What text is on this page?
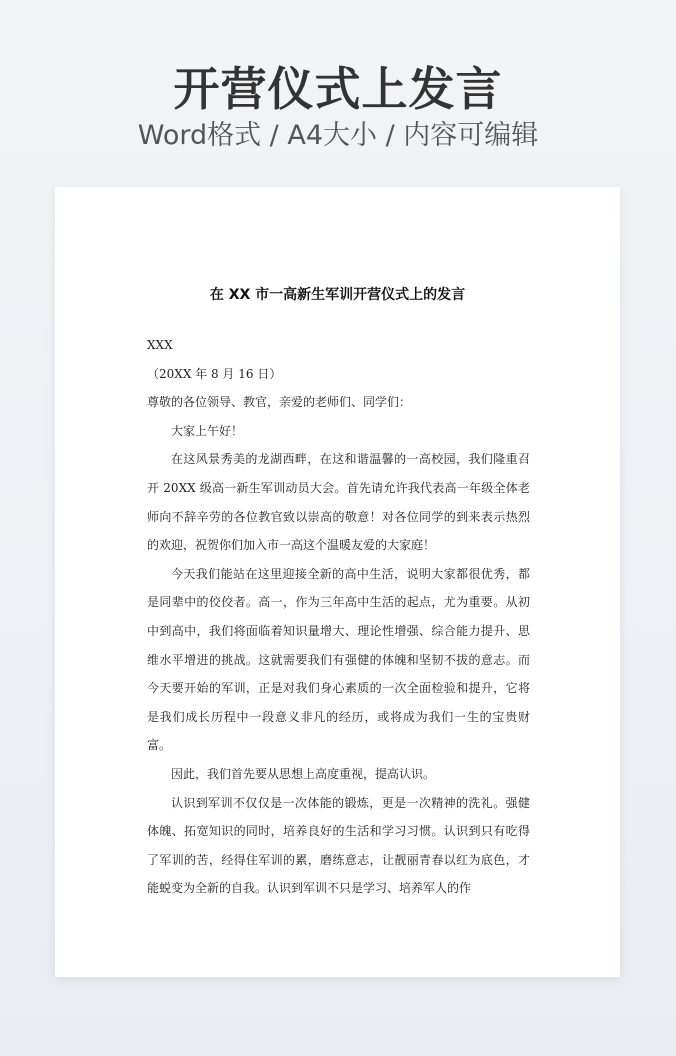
开营仪式上发言
Word格式 / A4大小 / 内容可编辑
在 XX 市一高新生军训开营仪式上的发言

XXX

（20XX 年 8 月 16 日）

尊敬的各位领导、教官，亲爱的老师们、同学们：

大家上午好！

在这风景秀美的龙湖西畔，在这和谐温馨的一高校园，我们隆重召开 20XX 级高一新生军训动员大会。首先请允许我代表高一年级全体老师向不辞辛劳的各位教官致以崇高的敬意！对各位同学的到来表示热烈的欢迎，祝贺你们加入市一高这个温暖友爱的大家庭！

今天我们能站在这里迎接全新的高中生活，说明大家都很优秀，都是同辈中的佼佼者。高一，作为三年高中生活的起点，尤为重要。从初中到高中，我们将面临着知识量增大、理论性增强、综合能力提升、思维水平增进的挑战。这就需要我们有强健的体魄和坚韧不拔的意志。而今天要开始的军训，正是对我们身心素质的一次全面检验和提升，它将是我们成长历程中一段意义非凡的经历，或将成为我们一生的宝贵财富。

因此，我们首先要从思想上高度重视，提高认识。

认识到军训不仅仅是一次体能的锻炼，更是一次精神的洗礼。强健体魄、拓宽知识的同时，培养良好的生活和学习习惯。认识到只有吃得了军训的苦，经得住军训的累，磨练意志，让靓丽青春以红为底色，才能蜕变为全新的自我。认识到军训不只是学习、培养军人的作
